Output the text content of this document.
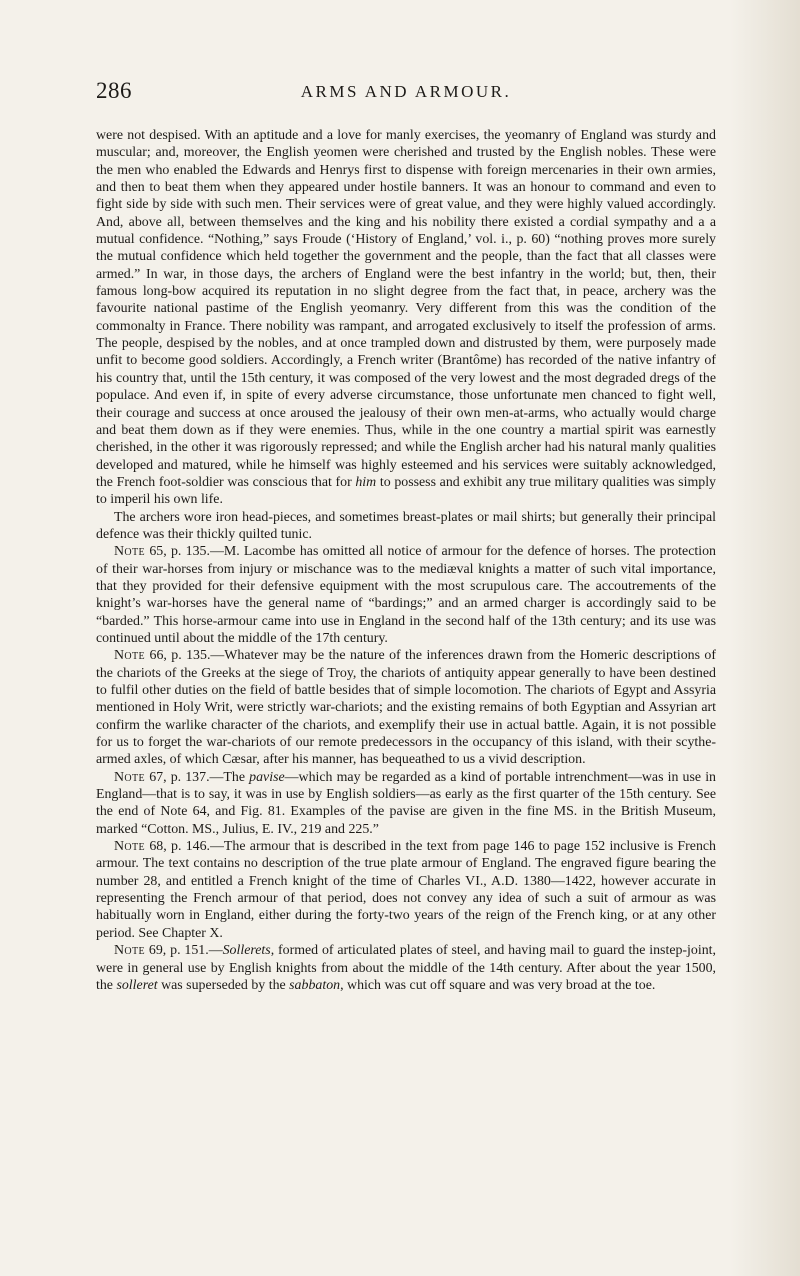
286	ARMS AND ARMOUR.

were not despised. With an aptitude and a love for manly exercises, the yeomanry of England was sturdy and muscular; and, moreover, the English yeomen were cherished and trusted by the English nobles. These were the men who enabled the Edwards and Henrys first to dispense with foreign mercenaries in their own armies, and then to beat them when they appeared under hostile banners. It was an honour to command and even to fight side by side with such men. Their services were of great value, and they were highly valued accordingly. And, above all, between themselves and the king and his nobility there existed a cordial sympathy and a a mutual confidence. “Nothing,” says Froude (‘History of England,’ vol. i., p. 60) “nothing proves more surely the mutual confidence which held together the government and the people, than the fact that all classes were armed.” In war, in those days, the archers of England were the best infantry in the world; but, then, their famous long-bow acquired its reputation in no slight degree from the fact that, in peace, archery was the favourite national pastime of the English yeomanry. Very different from this was the condition of the commonalty in France. There nobility was rampant, and arrogated exclusively to itself the profession of arms. The people, despised by the nobles, and at once trampled down and distrusted by them, were purposely made unfit to become good soldiers. Accordingly, a French writer (Brantôme) has recorded of the native infantry of his country that, until the 15th century, it was composed of the very lowest and the most degraded dregs of the populace. And even if, in spite of every adverse circumstance, those unfortunate men chanced to fight well, their courage and success at once aroused the jealousy of their own men-at-arms, who actually would charge and beat them down as if they were enemies. Thus, while in the one country a martial spirit was earnestly cherished, in the other it was rigorously repressed; and while the English archer had his natural manly qualities developed and matured, while he himself was highly esteemed and his services were suitably acknowledged, the French foot-soldier was conscious that for him to possess and exhibit any true military qualities was simply to imperil his own life.

The archers wore iron head-pieces, and sometimes breast-plates or mail shirts; but generally their principal defence was their thickly quilted tunic.

Note 65, p. 135.—M. Lacombe has omitted all notice of armour for the defence of horses. The protection of their war-horses from injury or mischance was to the mediæval knights a matter of such vital importance, that they provided for their defensive equipment with the most scrupulous care. The accoutrements of the knight’s war-horses have the general name of “bardings;” and an armed charger is accordingly said to be “barded.” This horse-armour came into use in England in the second half of the 13th century; and its use was continued until about the middle of the 17th century.

Note 66, p. 135.—Whatever may be the nature of the inferences drawn from the Homeric descriptions of the chariots of the Greeks at the siege of Troy, the chariots of antiquity appear generally to have been destined to fulfil other duties on the field of battle besides that of simple locomotion. The chariots of Egypt and Assyria mentioned in Holy Writ, were strictly war-chariots; and the existing remains of both Egyptian and Assyrian art confirm the warlike character of the chariots, and exemplify their use in actual battle. Again, it is not possible for us to forget the war-chariots of our remote predecessors in the occupancy of this island, with their scythe-armed axles, of which Cæsar, after his manner, has bequeathed to us a vivid description.

Note 67, p. 137.—The pavise—which may be regarded as a kind of portable intrenchment—was in use in England—that is to say, it was in use by English soldiers—as early as the first quarter of the 15th century. See the end of Note 64, and Fig. 81. Examples of the pavise are given in the fine MS. in the British Museum, marked “Cotton. MS., Julius, E. IV., 219 and 225.”

Note 68, p. 146.—The armour that is described in the text from page 146 to page 152 inclusive is French armour. The text contains no description of the true plate armour of England. The engraved figure bearing the number 28, and entitled a French knight of the time of Charles VI., A.D. 1380—1422, however accurate in representing the French armour of that period, does not convey any idea of such a suit of armour as was habitually worn in England, either during the forty-two years of the reign of the French king, or at any other period. See Chapter X.

Note 69, p. 151.—Sollerets, formed of articulated plates of steel, and having mail to guard the instep-joint, were in general use by English knights from about the middle of the 14th century. After about the year 1500, the solleret was superseded by the sabbaton, which was cut off square and was very broad at the toe.
